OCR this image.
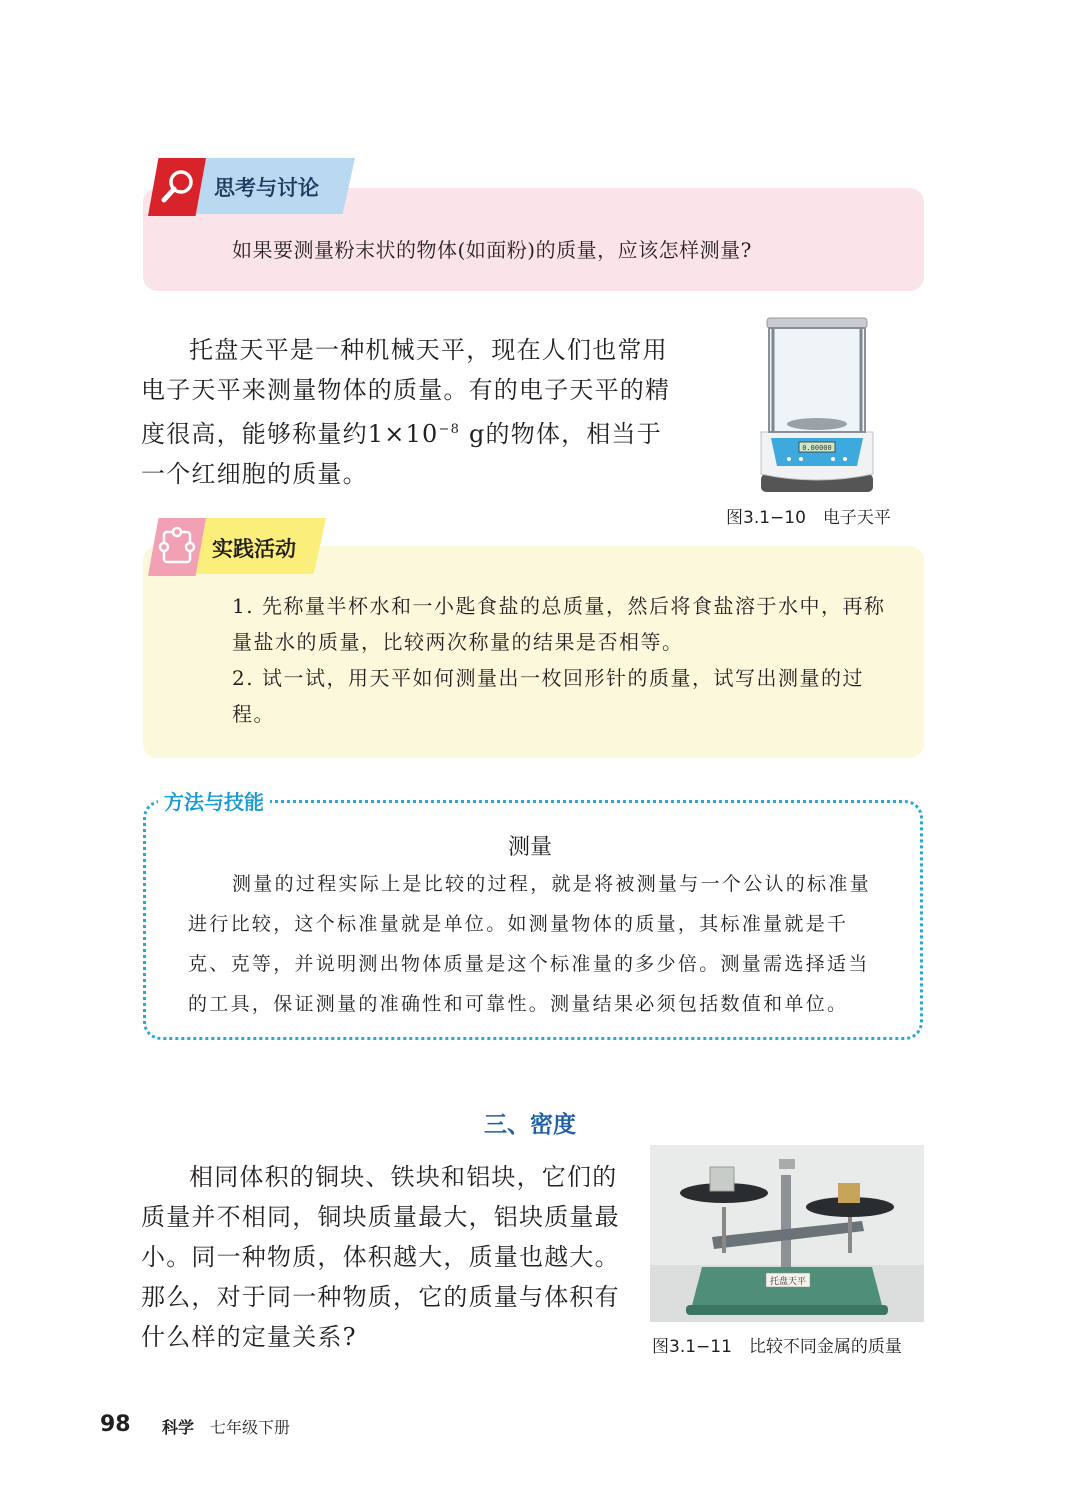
思考与讨论
如果要测量粉末状的物体(如面粉)的质量，应该怎样测量?
托盘天平是一种机械天平，现在人们也常用电子天平来测量物体的质量。有的电子天平的精度很高，能够称量约$1\times 10^{-8}$ g的物体，相当于一个红细胞的质量。
0.00000
图3.1−10　电子天平
实践活动
1. 先称量半杯水和一小匙食盐的总质量，然后将食盐溶于水中，再称量盐水的质量，比较两次称量的结果是否相等。
2. 试一试，用天平如何测量出一枚回形针的质量，试写出测量的过程。
方法与技能
测量
测量的过程实际上是比较的过程，就是将被测量与一个公认的标准量进行比较，这个标准量就是单位。如测量物体的质量，其标准量就是千克、克等，并说明测出物体质量是这个标准量的多少倍。测量需选择适当的工具，保证测量的准确性和可靠性。测量结果必须包括数值和单位。
三、密度
相同体积的铜块、铁块和铝块，它们的质量并不相同，铜块质量最大，铝块质量最小。同一种物质，体积越大，质量也越大。那么，对于同一种物质，它的质量与体积有什么样的定量关系?
托盘天平
图3.1−11　比较不同金属的质量
98 科学 七年级下册
